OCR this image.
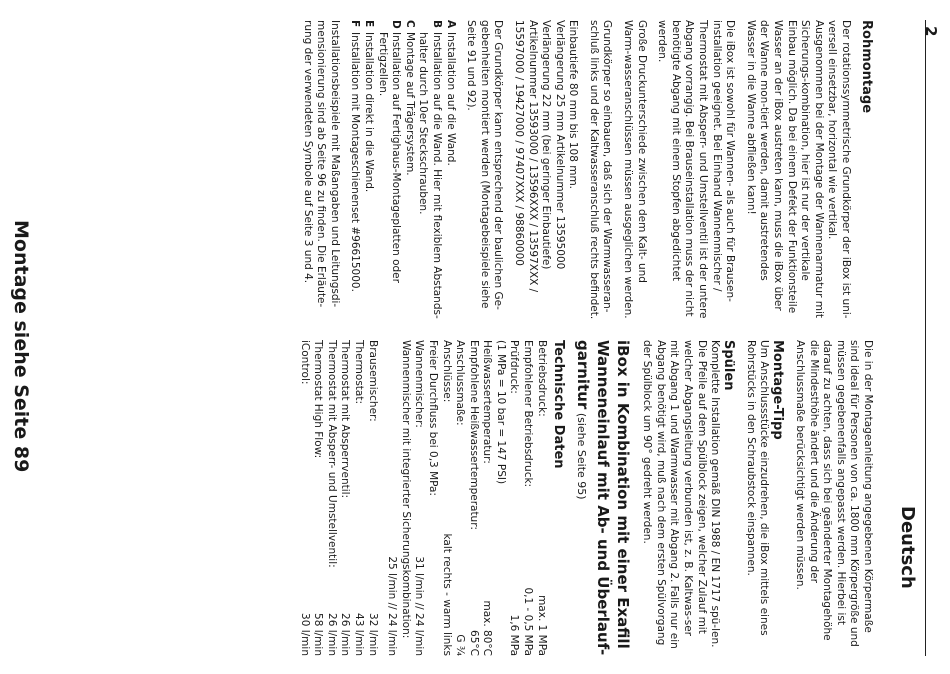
2
Deutsch
Rohmontage

Der rotationssymmetrische Grundkörper der iBox ist uni-versell einsetzbar, horizontal wie vertikal. Ausgenommen bei der Montage der Wannenarmatur mit Sicherungs-kombination, hier ist nur der vertikale Einbau möglich. Da bei einem Defekt der Funktionsteile Wasser an der iBox austreten kann, muss die iBox über der Wanne mon-tiert werden, damit austretendes Wasser in die Wanne abfließen kann!

Die iBox ist sowohl für Wannen- als auch für Brausen-installation geeignet. Bei Einhand Wannenmischer / Thermostat mit Absperr- und Umstellventil ist der untere Abgang vorrangig. Bei Brauseinstallation muss der nicht benötigte Abgang mit einem Stopfen abgedichtet werden.

Große Druckunterschiede zwischen dem Kalt- und Warm-wasseranschlüssen müssen ausgeglichen werden.

Grundkörper so einbauen, daß sich der Warmwasseran-schluß links und der Kaltwasseranschluß rechts befindet.

Einbautiefe 80 mm bis 108 mm.

Verlängerung 25 mm Artikelnummer 13595000

Verlängerung 22 mm (bei geringer Einbautiefe)

Artikelnummer 13593000 / 13596XXX / 13597XXX / 15597000 / 19427000 / 97407XXX / 98860000

Der Grundkörper kann entsprechend der baulichen Ge-gebenheiten montiert werden (Montagebeispiele siehe Seite 91 und 92).

A
Installation auf die Wand.
B
Installation auf die Wand. Hier mit flexiblem Abstands-halter durch 10er Steckschrauben.
C
Montage auf Trägersystem.
D
Installation auf Fertighaus-Montageplatten oder Fertigzellen.
E
Installation direkt in die Wand.
F
Installation mit Montageschienenset #96615000.

Installationsbeispiele mit Maßangaben und Leitungsdi-mensionierung sind ab Seite 96 zu finden. Die Erläute-rung der verwendeten Symbole auf Seite 3 und 4.

Die in der Montageanleitung angegebenen Körpermaße sind ideal für Personen von ca. 1800 mm Körpergröße und müssen gegebenenfalls angepasst werden. Hierbei ist darauf zu achten, dass sich bei geänderter Montagehöhe die Mindesthöhe ändert und die Änderung der Anschlussmaße berücksichtigt werden müssen.

Montage-Tipp

Um Anschlussstücke einzudrehen, die iBox mittels eines Rohrstücks in den Schraubstock einspannen.

Spülen

Komplette Installation gemäß DIN 1988 / EN 1717 spü-len. Die Pfeile auf dem Spülblock zeigen, welcher Zulauf mit welcher Abgangsleitung verbunden ist, z. B. Kaltwas-ser mit Abgang 1 und Warmwasser mit Abgang 2. Falls nur ein Abgang benötigt wird, muß nach dem ersten Spülvorgang der Spülblock um 90° gedreht werden.

iBox in Kombination mit einer Exafill Wanneneinlauf mit Ab- und Überlauf-garnitur (siehe Seite 95)
Technische Daten
Betriebsdruck:
max. 1 MPa
Empfohlener Betriebsdruck:
0,1 - 0,5 MPa
Prüfdruck:
1,6 MPa
(1 MPa = 10 bar = 147 PSI)
Heißwassertemperatur:
max. 80°C
Empfohlene Heißwassertemperatur:
65°C
Anschlussmaße:
G ¾
Anschlüsse:
kalt rechts - warm links
Freier Durchfluss bei 0,3 MPa:
Wannenmischer:
31 l/min // 24 l/min
Wannenmischer mit integrierter Sicherungskombination:
25 l/min // 24 l/min
Brausemischer:
32 l/min
Thermostat:
43 l/min
Thermostat mit Absperrventil:
26 l/min
Thermostat mit Absperr- und Umstellventil:
26 l/min
Thermostat High Flow:
58 l/min
iControl:
30 l/min
Montage siehe Seite 89
